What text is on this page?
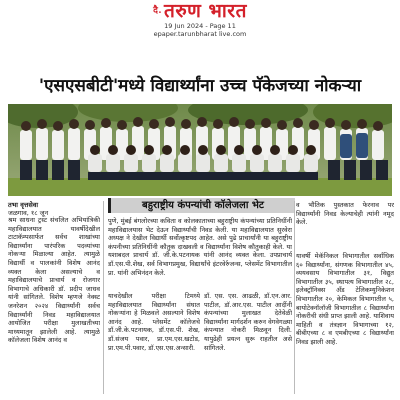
$^{दै.}$ तरुण भारत
19 Jun 2024 - Page 11
epaper.tarunbharat live.com
'एसएसबीटी'मध्ये विद्यार्थ्यांना उच्च पॅकेजच्या नोकऱ्या
तभा वृत्तसेवा
जळगाव, १८ जून
बहुराष्ट्रीय कंपन्यांची कॉलेजला भेट
श्रम साधना ट्रस्ट संचलित अभियांत्रिकी महाविद्यालयात यावर्षीदेखील टाटाकॅम्पसार्फत सर्वच शाखांच्या विद्यार्थ्यांना पारंपरिक पदव्यांच्या नोकऱ्या मिळाल्या आहेत. त्यामुळे विद्यार्थी व पालकांनी विशेष आनंद व्यक्त केला असल्याचे व महाविद्यालयाचे प्राचार्य व रोजगार विभागाचे अधिकारी डॉ. प्रदीप जाधव यांनी सांगितले. विशेष म्हणजे नेक्स्ट जनरेशन २०२४ विद्यार्थ्यांनी सर्वच विद्यार्थ्यांनी निवड महाविद्यालयात आयोजित परीक्षा मुलाखतीच्या माध्यमातून झालेली आहे. त्यामुळे कॉलेजला विशेष आनंद व
पुणे, मुंबई बंगलोरच्या कविता व कोलकाताच्या बहुराष्ट्रीय कंपन्यांच्या प्रतिनिधींनी महाविद्यालयास भेट देऊन विद्यार्थ्यांची निवड केली. या महाविद्यालयात सुरवेरा अध्यक्ष ने देखील विद्यार्थी सर्वोत्कृष्टपद आहेत. असे पुढे प्राचार्यांनी या बहुराष्ट्रीय कंपनीच्या प्रतिनिधींनी कौतुक दाखवली व विद्यार्थ्यांना विशेष कौतुकाही केले. या यशाबदल प्राचार्य डॉ. जी.के.पटनायक यांनी आनंद व्यक्त केला. उपप्राचार्य डॉ.एस.पी.शेख, सर्व विभागप्रमुख, विद्यार्थांचे इंटरवेर्रुजन्स, प्लेसमेंट विभागातील प्रा. यांनी अभिनंदन केले.
याचदेखील परीक्षा टिमध्ये महाविद्यालयात विद्यार्थ्यांना संघात नोकऱ्यांना हे मिळवले असल्याने विशेष आनंद आहे. प्लेसमेंट कॉलेजचे डॉ.जी.के.पटनायक, डॉ.एस.पी. शेख, डॉ.संजय पवार, प्रा.एम.एस.खटोड, प्रा.एम.पी.पवार, डॉ.एस.एस.अन्सारी.
डॉ. एस. एस. आढळी, डॉ.एन.आर. पाटील, डॉ.आर.एस. पाटील आदींनी कंपन्यांच्या मुलाखत देतेवेळी विद्यार्थ्यांना मार्गदर्शन करुन वेगवेगळ्या कंपन्यात नोकरी मिळवून दिली. यापुढेही प्रयत्न सुरू राहतील असे सांगितले.
व भौतिक पुस्तकात फेरनाव पर विद्यार्थ्यांनी निवड केल्याचेही त्यांनी नमूद केले.
यावर्षी मेकॅनिकल विभागातील सर्वाधिक ६० विद्यार्थ्यांना, संगणक विभागातील ४५, व्ययवसाय विभागातील ३१, विद्युत विभागातील ३५, स्थापत्य विभागातील २८, इलेक्ट्रॉनिक्स अँड टेलिकम्युनिकेशन विभागातील २०, केमिकल विभागातील ५, बायोटेक्नॉलॉजी विभागातील ८ विद्यार्थ्यांना नोकरीची संधी प्राप्त झाली आहे. याशिवाय माहिती व तंत्रज्ञान विभागाच्या १२, बीबीएच्या ८ व एमबीएच्या ८ विद्यार्थ्यांना निवड झाली आहे.
